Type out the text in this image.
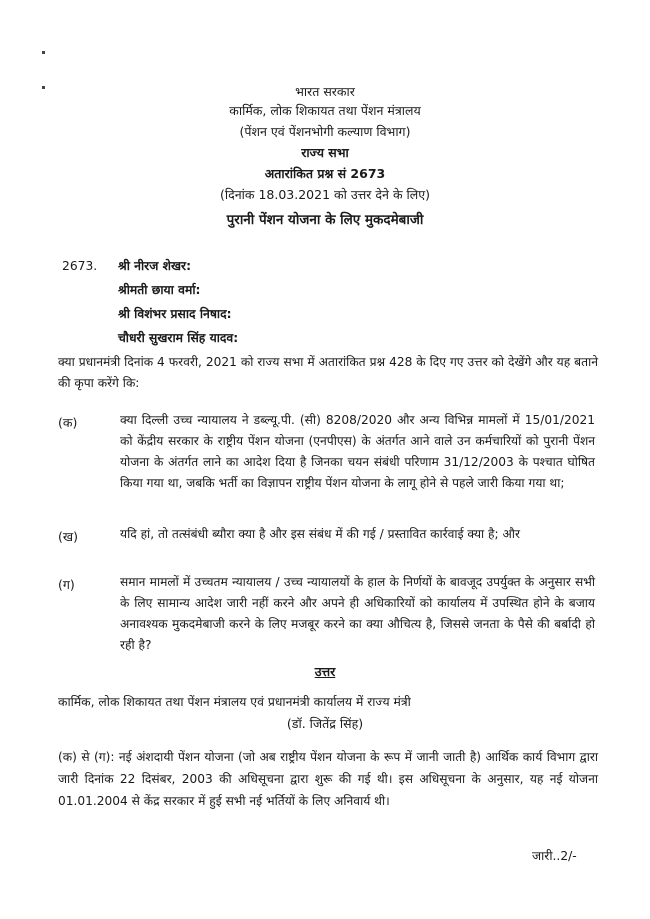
भारत सरकार
कार्मिक, लोक शिकायत तथा पेंशन मंत्रालय
(पेंशन एवं पेंशनभोगी कल्याण विभाग)
राज्य सभा
अतारांकित प्रश्न सं 2673
(दिनांक 18.03.2021 को उत्तर देने के लिए)
पुरानी पेंशन योजना के लिए मुकदमेबाजी
2673. श्री नीरज शेखर:
श्रीमती छाया वर्मा:
श्री विशंभर प्रसाद निषाद:
चौधरी सुखराम सिंह यादव:
क्या प्रधानमंत्री दिनांक 4 फरवरी, 2021 को राज्य सभा में अतारांकित प्रश्न 428 के दिए गए उत्तर को देखेंगे और यह बताने की कृपा करेंगे कि:
(क)	क्या दिल्ली उच्च न्यायालय ने डब्ल्यू.पी. (सी) 8208/2020 और अन्य विभिन्न मामलों में 15/01/2021 को केंद्रीय सरकार के राष्ट्रीय पेंशन योजना (एनपीएस) के अंतर्गत आने वाले उन कर्मचारियों को पुरानी पेंशन योजना के अंतर्गत लाने का आदेश दिया है जिनका चयन संबंधी परिणाम 31/12/2003 के पश्चात घोषित किया गया था, जबकि भर्ती का विज्ञापन राष्ट्रीय पेंशन योजना के लागू होने से पहले जारी किया गया था;
(ख)	यदि हां, तो तत्संबंधी ब्यौरा क्या है और इस संबंध में की गई / प्रस्तावित कार्रवाई क्या है; और
(ग)	समान मामलों में उच्चतम न्यायालय / उच्च न्यायालयों के हाल के निर्णयों के बावजूद उपर्युक्त के अनुसार सभी के लिए सामान्य आदेश जारी नहीं करने और अपने ही अधिकारियों को कार्यालय में उपस्थित होने के बजाय अनावश्यक मुकदमेबाजी करने के लिए मजबूर करने का क्या औचित्य है, जिससे जनता के पैसे की बर्बादी हो रही है?
उत्तर
कार्मिक, लोक शिकायत तथा पेंशन मंत्रालय एवं प्रधानमंत्री कार्यालय में राज्य मंत्री
(डॉ. जितेंद्र सिंह)
(क) से (ग): नई अंशदायी पेंशन योजना (जो अब राष्ट्रीय पेंशन योजना के रूप में जानी जाती है) आर्थिक कार्य विभाग द्वारा जारी दिनांक 22 दिसंबर, 2003 की अधिसूचना द्वारा शुरू की गई थी। इस अधिसूचना के अनुसार, यह नई योजना 01.01.2004 से केंद्र सरकार में हुई सभी नई भर्तियों के लिए अनिवार्य थी।
जारी..2/-
